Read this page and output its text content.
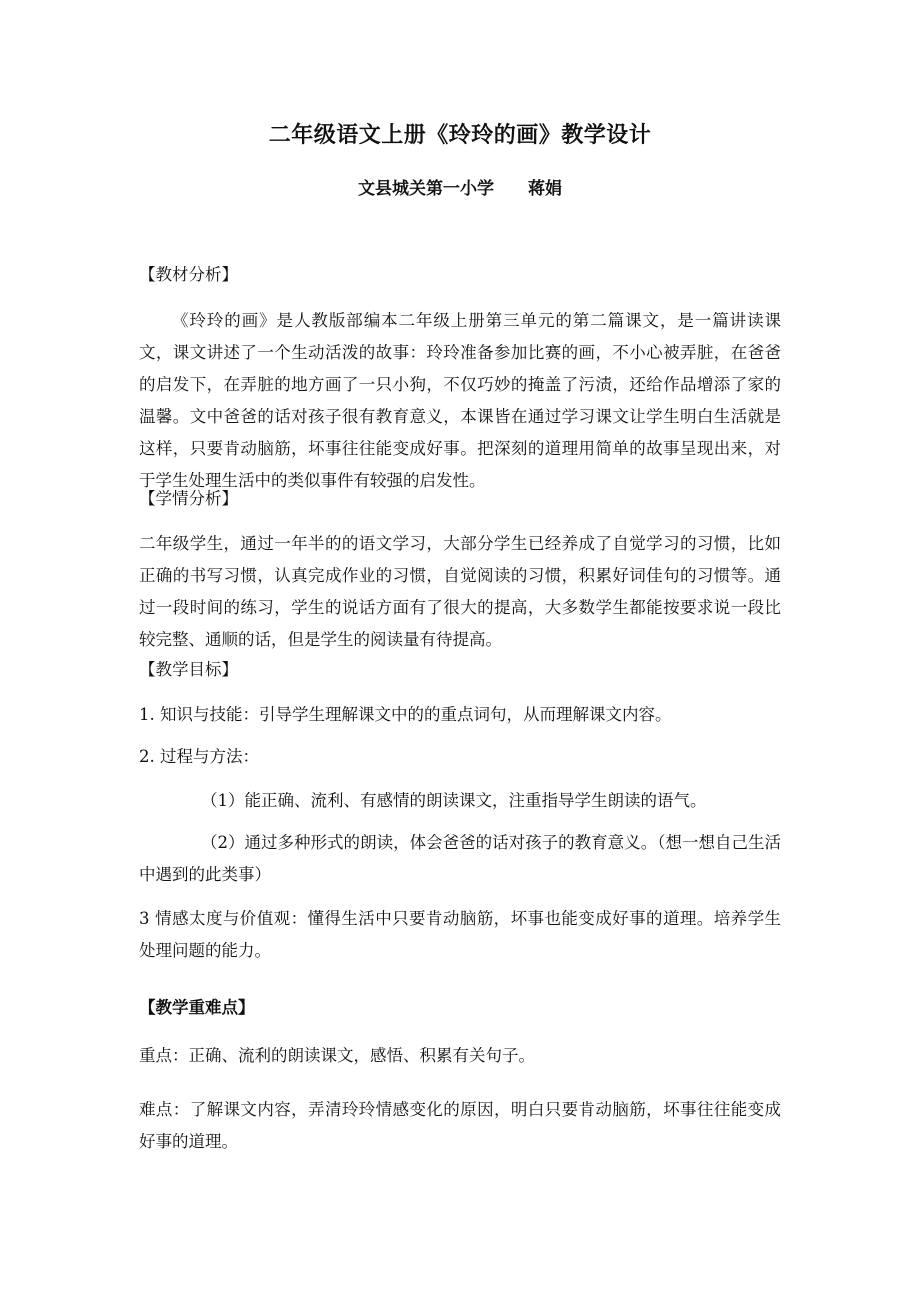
二年级语文上册《玲玲的画》教学设计
文县城关第一小学 蒋娟

【教材分析】

《玲玲的画》是人教版部编本二年级上册第三单元的第二篇课文，是一篇讲读课文，课文讲述了一个生动活泼的故事：玲玲准备参加比赛的画，不小心被弄脏，在爸爸的启发下，在弄脏的地方画了一只小狗，不仅巧妙的掩盖了污渍，还给作品增添了家的温馨。文中爸爸的话对孩子很有教育意义，本课皆在通过学习课文让学生明白生活就是这样，只要肯动脑筋，坏事往往能变成好事。把深刻的道理用简单的故事呈现出来，对于学生处理生活中的类似事件有较强的启发性。

【学情分析】

二年级学生，通过一年半的的语文学习，大部分学生已经养成了自觉学习的习惯，比如正确的书写习惯，认真完成作业的习惯，自觉阅读的习惯，积累好词佳句的习惯等。通过一段时间的练习，学生的说话方面有了很大的提高，大多数学生都能按要求说一段比较完整、通顺的话，但是学生的阅读量有待提高。

【教学目标】

1. 知识与技能：引导学生理解课文中的的重点词句，从而理解课文内容。

2. 过程与方法：

（1）能正确、流利、有感情的朗读课文，注重指导学生朗读的语气。

（2）通过多种形式的朗读，体会爸爸的话对孩子的教育意义。（想一想自己生活中遇到的此类事）

3 情感太度与价值观：懂得生活中只要肯动脑筋，坏事也能变成好事的道理。培养学生处理问题的能力。

【教学重难点】

重点：正确、流利的朗读课文，感悟、积累有关句子。

难点：了解课文内容，弄清玲玲情感变化的原因，明白只要肯动脑筋，坏事往往能变成好事的道理。
